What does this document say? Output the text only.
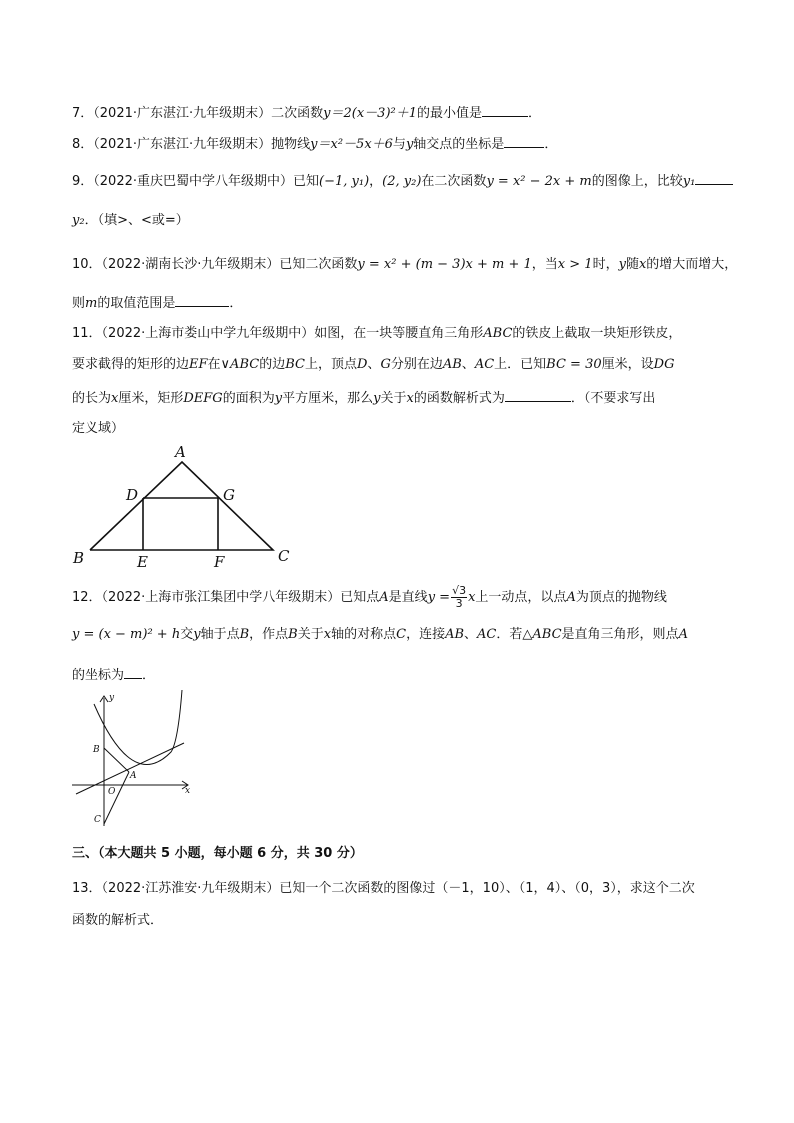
7．（2021·广东湛江·九年级期末）二次函数y＝2(x－3)²＋1的最小值是	．
8．（2021·广东湛江·九年级期末）抛物线y＝x²－5x＋6与y轴交点的坐标是	．
9．（2022·重庆巴蜀中学八年级期中）已知(−1, y₁)，(2, y₂)在二次函数y = x² − 2x + m的图像上，比较y₁
y₂．（填>、<或=）
10．（2022·湖南长沙·九年级期末）已知二次函数y = x² + (m − 3)x + m + 1，当x > 1时，y随x的增大而增大，
则m的取值范围是	．
11．（2022·上海市娄山中学九年级期中）如图，在一块等腰直角三角形ABC的铁皮上截取一块矩形铁皮，
要求截得的矩形的边EF在∨ABC的边BC上，顶点D、G分别在边AB、AC上．已知BC = 30厘米，设DG
的长为x厘米，矩形DEFG的面积为y平方厘米，那么y关于x的函数解析式为	．（不要求写出
定义域）
A
B	C
D
E	F
G
12．（2022·上海市张江集团中学八年级期末）已知点A是直线$y = \frac{√3}{3}$ x上一动点，以点A为顶点的抛物线
y = (x − m)² + h交y轴于点B，作点B关于x轴的对称点C，连接AB、AC．若△ABC是直角三角形，则点A
的坐标为 ．
y
B
A
O	x
C
三、（本大题共 5 小题，每小题 6 分，共 30 分）
13．（2022·江苏淮安·九年级期末）已知一个二次函数的图像过（－1，10）、（1，4）、（0，3），求这个二次
函数的解析式．
